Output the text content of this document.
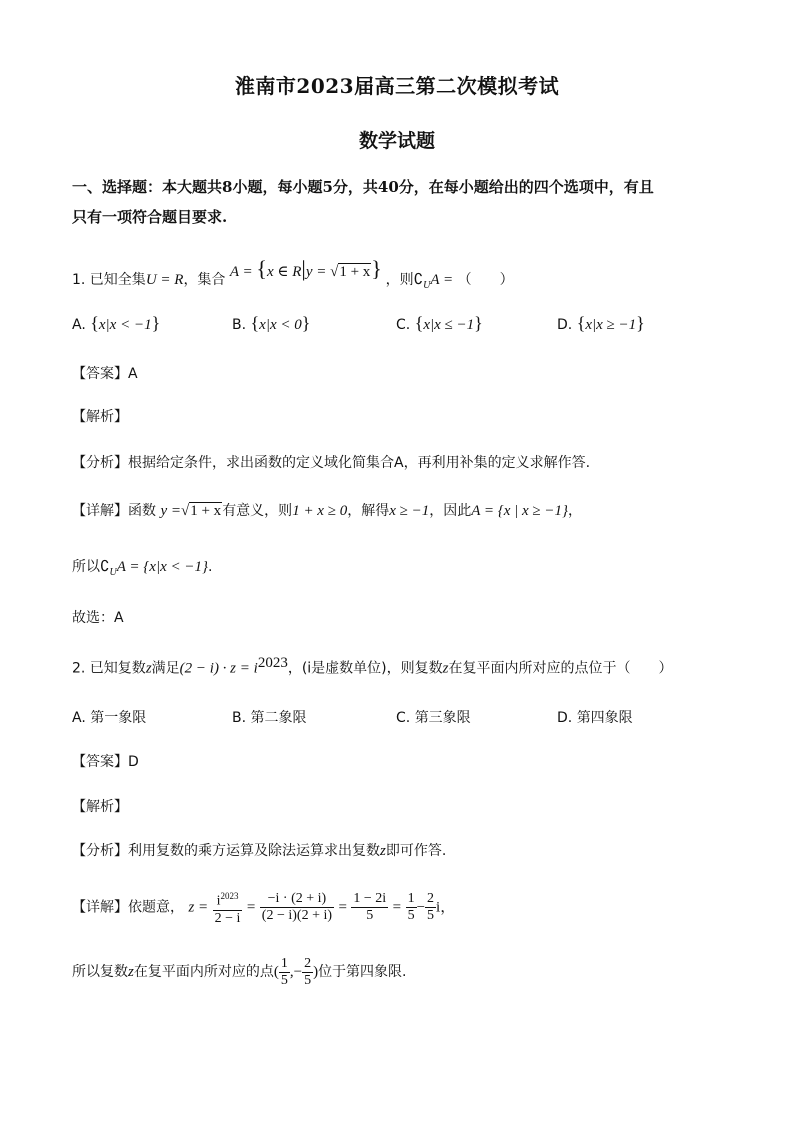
淮南市2023届高三第二次模拟考试
数学试题
一、选择题：本大题共8小题，每小题5分，共40分，在每小题给出的四个选项中，有且
只有一项符合题目要求.
1. 已知全集U = R，集合 A = {x ∈ R|y = √1 + x} ，则$∁_UA$ = （　　）
A. {x|x < −1}	B. {x|x < 0}	C. {x|x ≤ −1}	D. {x|x ≥ −1}
【答案】A
【解析】
【分析】根据给定条件，求出函数的定义域化简集合A，再利用补集的定义求解作答.
【详解】函数 y =√1 + x有意义，则1 + x ≥ 0，解得x ≥ −1，因此A = {x | x ≥ −1}，
所以$∁_UA = \{x|x < -1\}$.
故选：A
2. 已知复数z满足$(2 - i) \cdot z = i^{2023}$，(i是虚数单位)，则复数z在复平面内所对应的点位于（　　）
A. 第一象限	B. 第二象限	C. 第三象限	D. 第四象限
【答案】D
【解析】
【分析】利用复数的乘方运算及除法运算求出复数z即可作答.
【详解】依题意， $z = \frac{i^{2023}}{2 - i} = \frac{-i \cdot (2 + i)}{(2 - i)(2 + i)} = \frac{1 - 2i}{5} = \frac{1}{5} - \frac{2}{5}$ i，
所以复数z在复平面内所对应的点( $\frac{1}{5}$ ,− $\frac{2}{5}$ )位于第四象限.
